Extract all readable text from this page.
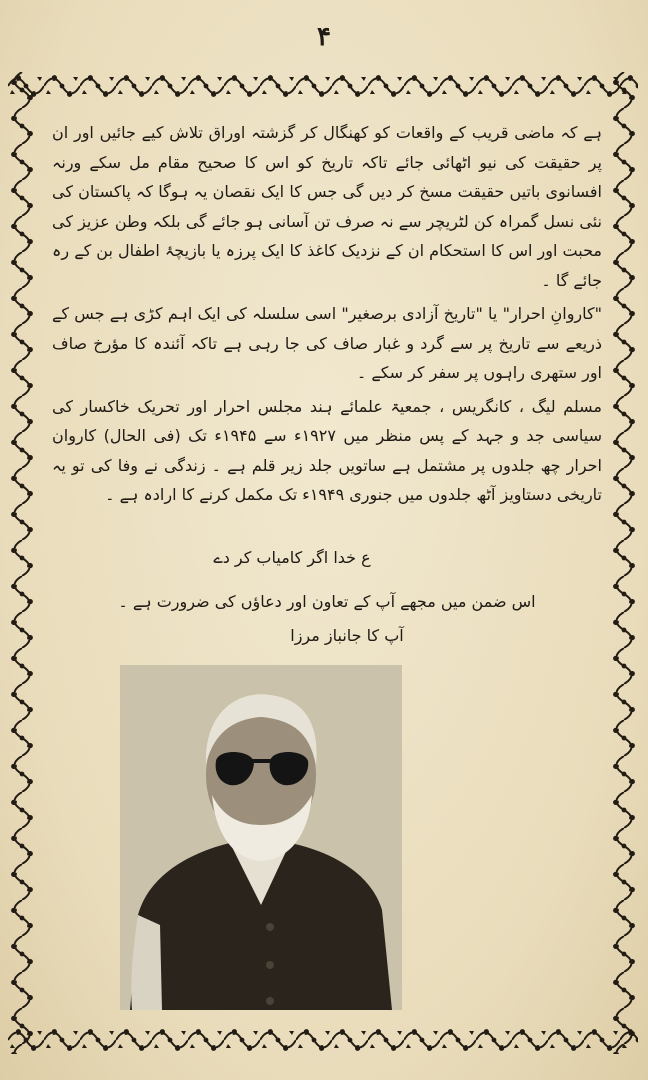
۴

ہے کہ ماضی قریب کے واقعات کو کھنگال کر گزشتہ اوراق تلاش کیے جائیں اور ان پر حقیقت کی نیو اٹھائی جائے تاکہ تاریخ کو اس کا صحیح مقام مل سکے ورنہ افسانوی باتیں حقیقت مسخ کر دیں گی جس کا ایک نقصان یہ ہوگا کہ پاکستان کی نئی نسل گمراہ کن لٹریچر سے نہ صرف تن آسانی ہو جائے گی بلکہ وطن عزیز کی محبت اور اس کا استحکام ان کے نزدیک کاغذ کا ایک پرزہ یا بازیچۂ اطفال بن کے رہ جائے گا ۔

"کاروانِ احرار" یا "تاریخ آزادی برصغیر" اسی سلسلہ کی ایک اہم کڑی ہے جس کے ذریعے سے تاریخ پر سے گرد و غبار صاف کی جا رہی ہے تاکہ آئندہ کا مؤرخ صاف اور ستھری راہوں پر سفر کر سکے ۔

مسلم لیگ ، کانگریس ، جمعیۃ علمائے ہند مجلس احرار اور تحریک خاکسار کی سیاسی جد و جہد کے پس منظر میں ۱۹۲۷ء سے ۱۹۴۵ء تک (فی الحال) کاروان احرار چھ جلدوں پر مشتمل ہے ساتویں جلد زیر قلم ہے ۔ زندگی نے وفا کی تو یہ تاریخی دستاویز آٹھ جلدوں میں جنوری ۱۹۴۹ء تک مکمل کرنے کا ارادہ ہے ۔

ع خدا اگر کامیاب کر دے
اس ضمن میں مجھے آپ کے تعاون اور دعاؤں کی ضرورت ہے ۔
آپ کا جانباز مرزا
